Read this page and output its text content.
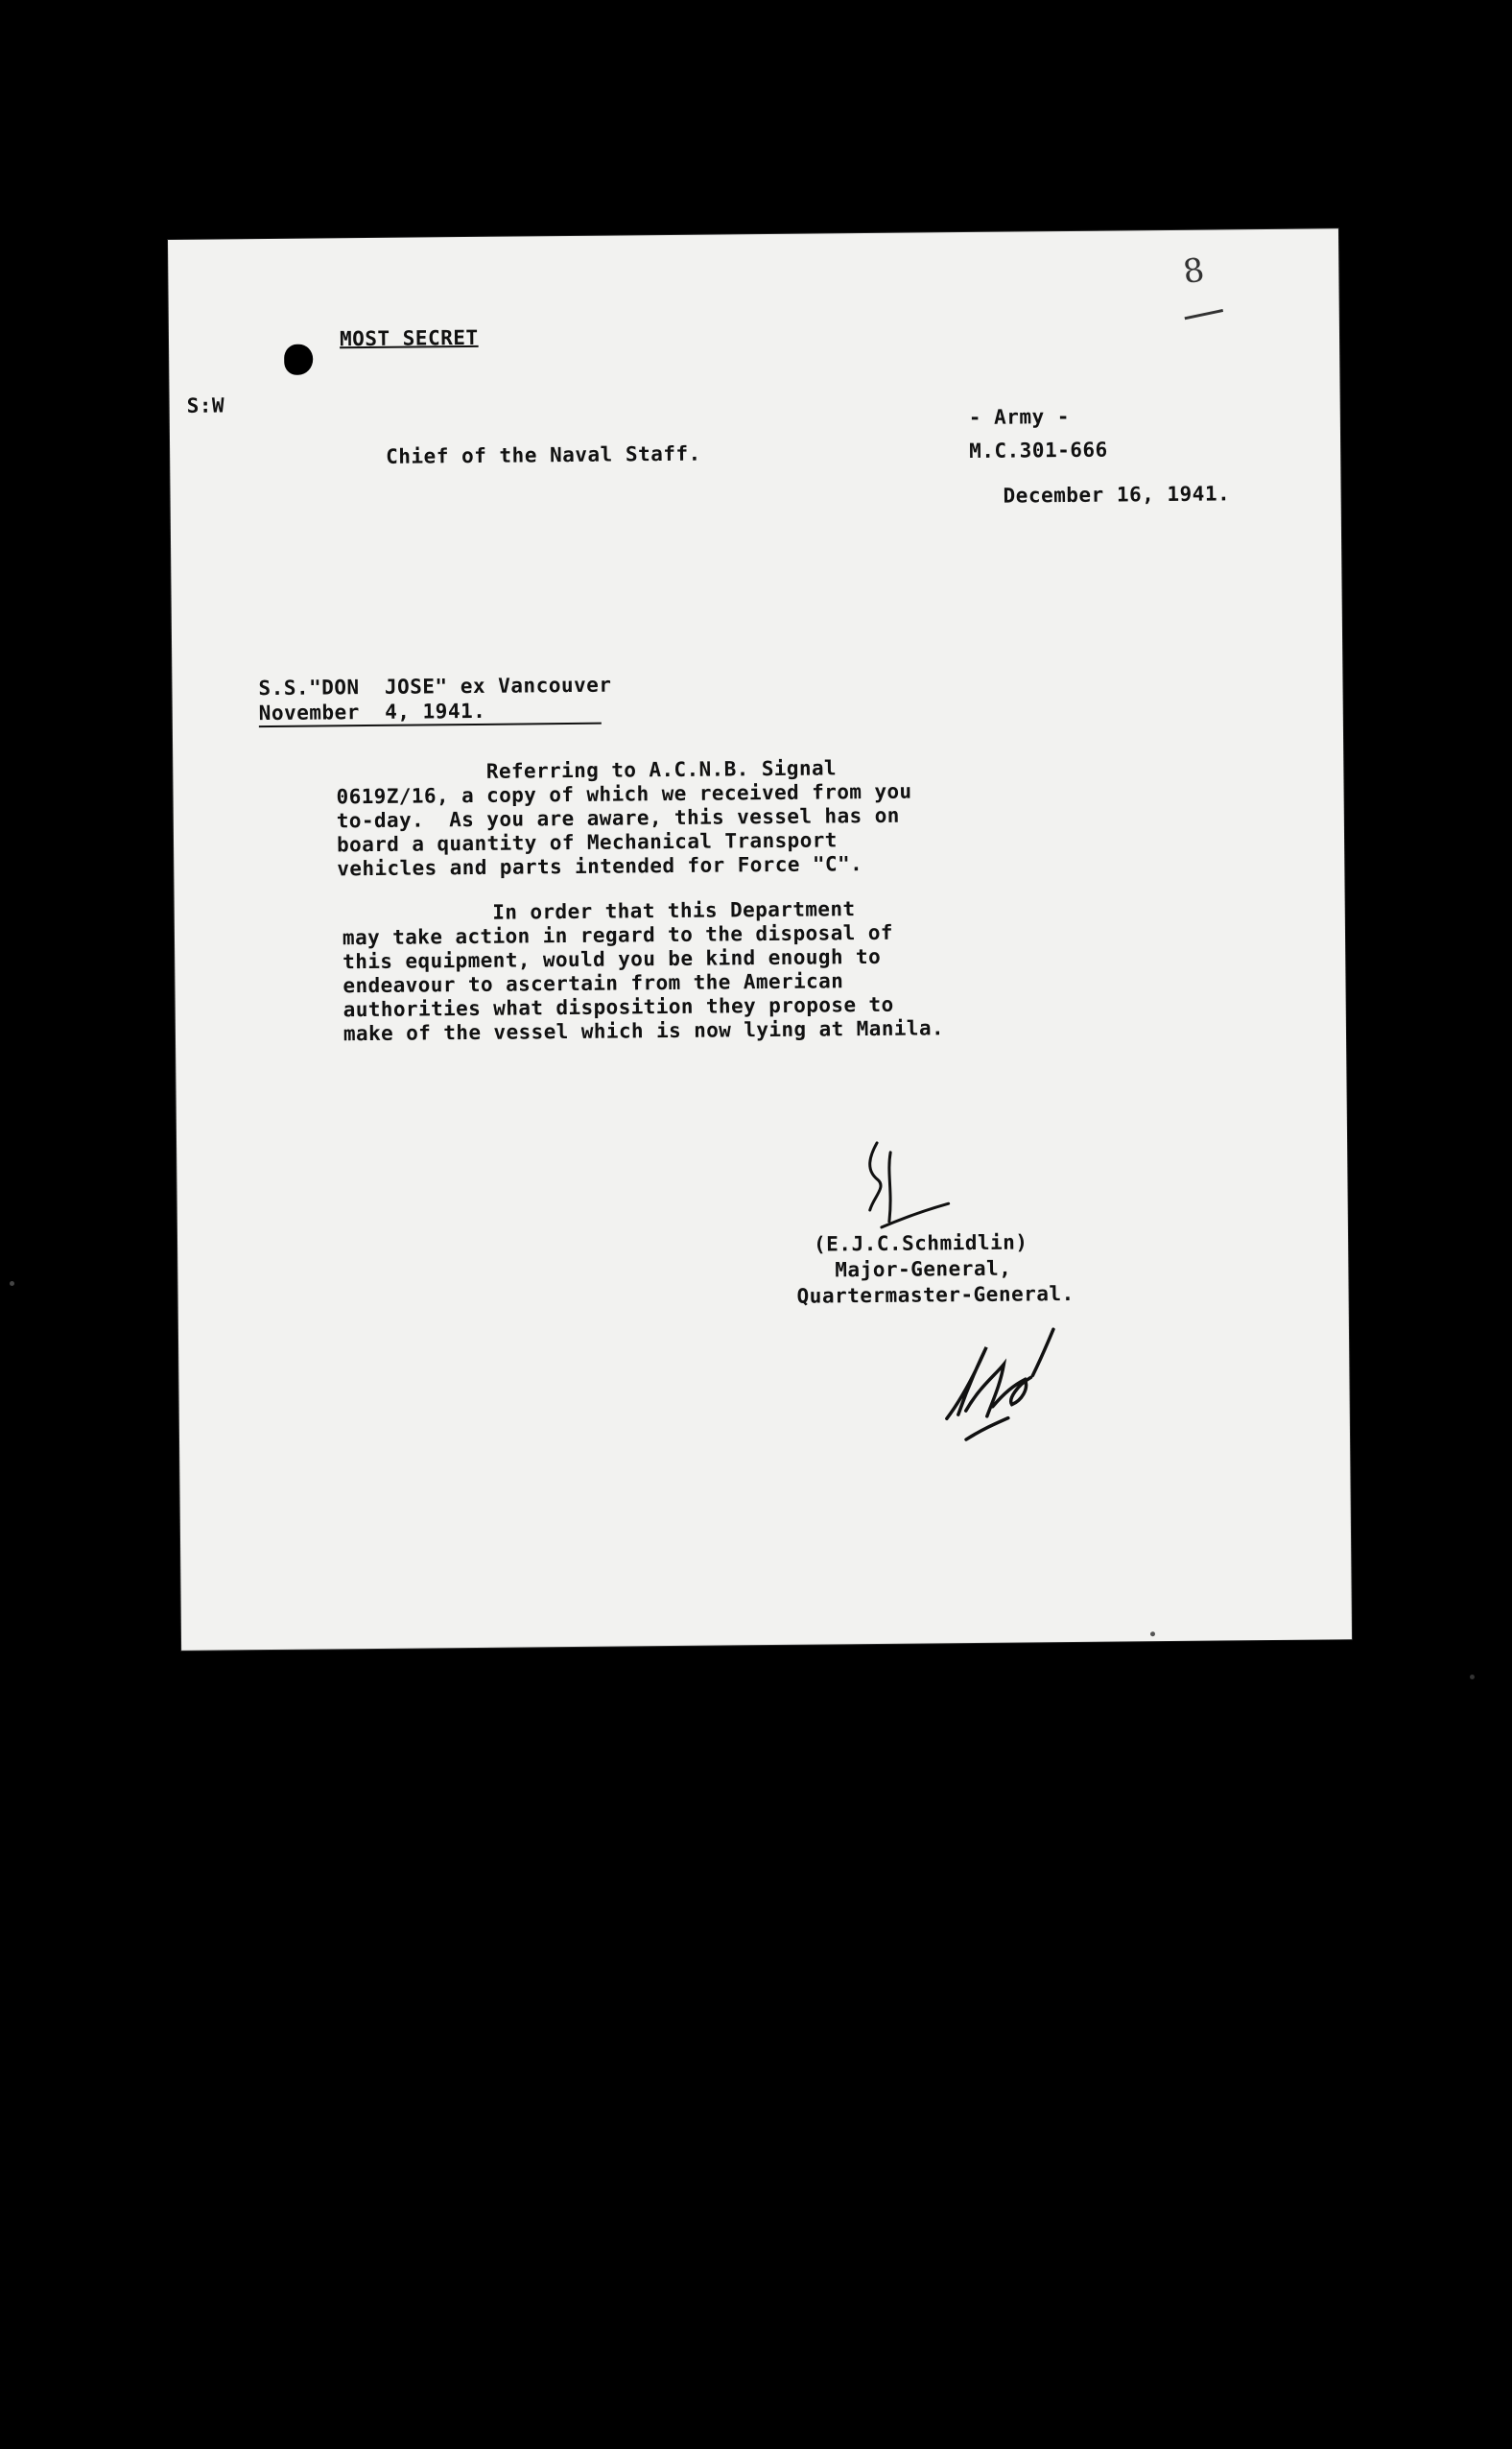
8
MOST SECRET
S:W	- Army -
Chief of the Naval Staff.	M.C.301-666
December 16, 1941.
S.S."DON  JOSE" ex Vancouver
November  4, 1941.
Referring to A.C.N.B. Signal
0619Z/16, a copy of which we received from you
to-day.  As you are aware, this vessel has on
board a quantity of Mechanical Transport
vehicles and parts intended for Force "C".
In order that this Department
may take action in regard to the disposal of
this equipment, would you be kind enough to
endeavour to ascertain from the American
authorities what disposition they propose to
make of the vessel which is now lying at Manila.
(E.J.C.Schmidlin)
Major-General,
Quartermaster-General.
